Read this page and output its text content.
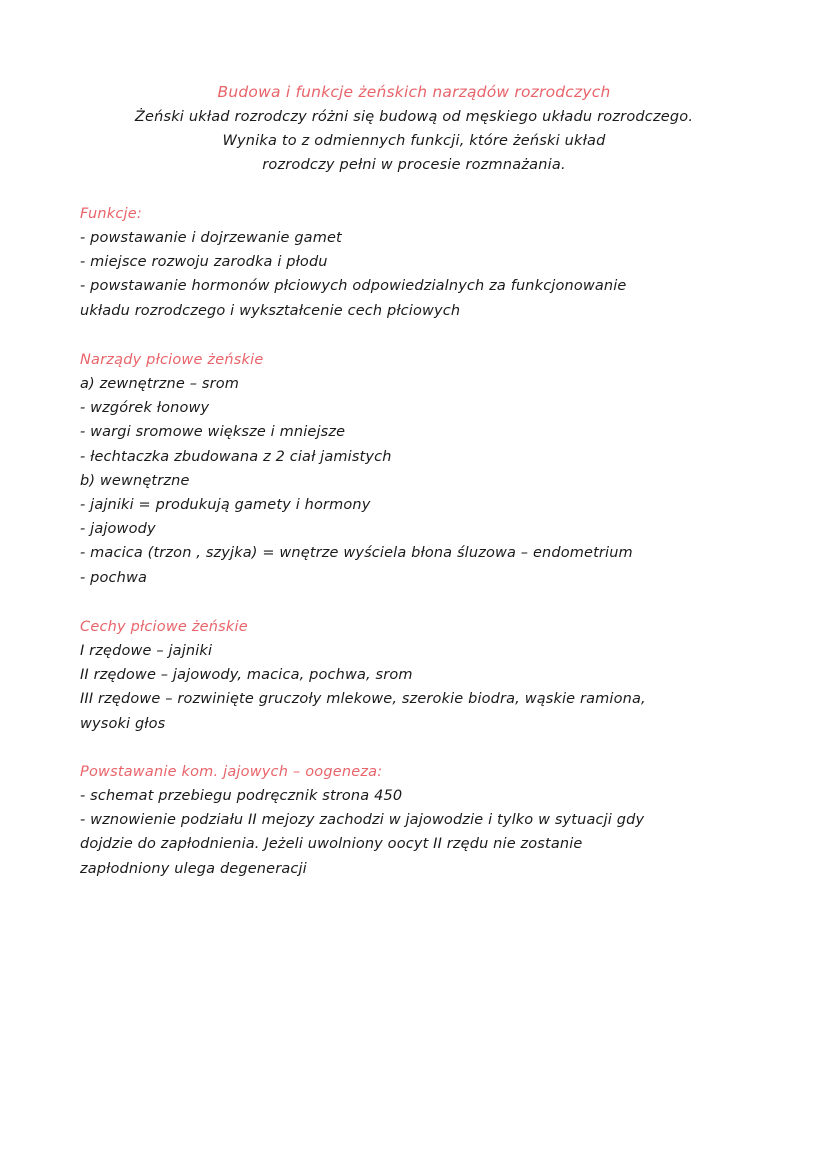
Budowa i funkcje żeńskich narządów rozrodczych
Żeński układ rozrodczy różni się budową od męskiego układu rozrodczego.
Wynika to z odmiennych funkcji, które żeński układ
rozrodczy pełni w procesie rozmnażania.
Funkcje:
- powstawanie i dojrzewanie gamet
- miejsce rozwoju zarodka i płodu
- powstawanie hormonów płciowych odpowiedzialnych za funkcjonowanie
układu rozrodczego i wykształcenie cech płciowych
Narządy płciowe żeńskie
a) zewnętrzne – srom
- wzgórek łonowy
- wargi sromowe większe i mniejsze
- łechtaczka zbudowana z 2 ciał jamistych
b) wewnętrzne
- jajniki = produkują gamety i hormony
- jajowody
- macica (trzon , szyjka) = wnętrze wyściela błona śluzowa – endometrium
- pochwa
Cechy płciowe żeńskie
I rzędowe – jajniki
II rzędowe – jajowody, macica, pochwa, srom
III rzędowe – rozwinięte gruczoły mlekowe, szerokie biodra, wąskie ramiona,
wysoki głos
Powstawanie kom. jajowych – oogeneza:
- schemat przebiegu podręcznik strona 450
- wznowienie podziału II mejozy zachodzi w jajowodzie i tylko w sytuacji gdy
dojdzie do zapłodnienia. Jeżeli uwolniony oocyt II rzędu nie zostanie
zapłodniony ulega degeneracji
